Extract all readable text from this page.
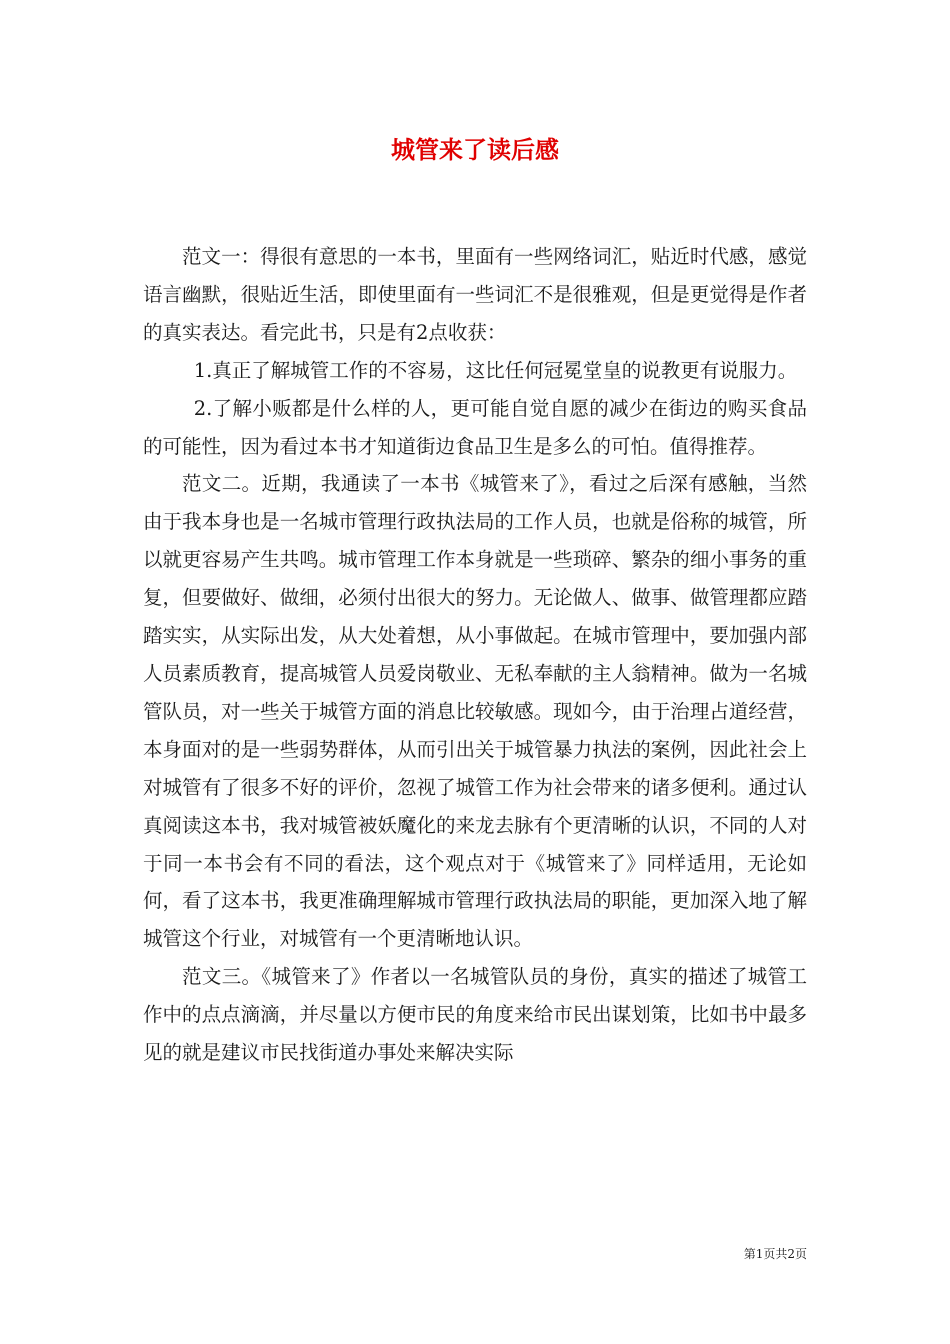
城管来了读后感

范文一：得很有意思的一本书，里面有一些网络词汇，贴近时代感，感觉语言幽默，很贴近生活，即使里面有一些词汇不是很雅观，但是更觉得是作者的真实表达。看完此书，只是有2点收获：

1.真正了解城管工作的不容易，这比任何冠冕堂皇的说教更有说服力。

2.了解小贩都是什么样的人，更可能自觉自愿的减少在街边的购买食品的可能性，因为看过本书才知道街边食品卫生是多么的可怕。值得推荐。

范文二。近期，我通读了一本书《城管来了》，看过之后深有感触，当然由于我本身也是一名城市管理行政执法局的工作人员，也就是俗称的城管，所以就更容易产生共鸣。城市管理工作本身就是一些琐碎、繁杂的细小事务的重复，但要做好、做细，必须付出很大的努力。无论做人、做事、做管理都应踏踏实实，从实际出发，从大处着想，从小事做起。在城市管理中，要加强内部人员素质教育，提高城管人员爱岗敬业、无私奉献的主人翁精神。做为一名城管队员，对一些关于城管方面的消息比较敏感。现如今，由于治理占道经营，本身面对的是一些弱势群体，从而引出关于城管暴力执法的案例，因此社会上对城管有了很多不好的评价，忽视了城管工作为社会带来的诸多便利。通过认真阅读这本书，我对城管被妖魔化的来龙去脉有个更清晰的认识，不同的人对于同一本书会有不同的看法，这个观点对于《城管来了》同样适用，无论如何，看了这本书，我更准确理解城市管理行政执法局的职能，更加深入地了解城管这个行业，对城管有一个更清晰地认识。

范文三。《城管来了》作者以一名城管队员的身份，真实的描述了城管工作中的点点滴滴，并尽量以方便市民的角度来给市民出谋划策，比如书中最多见的就是建议市民找街道办事处来解决实际

第1页共2页
